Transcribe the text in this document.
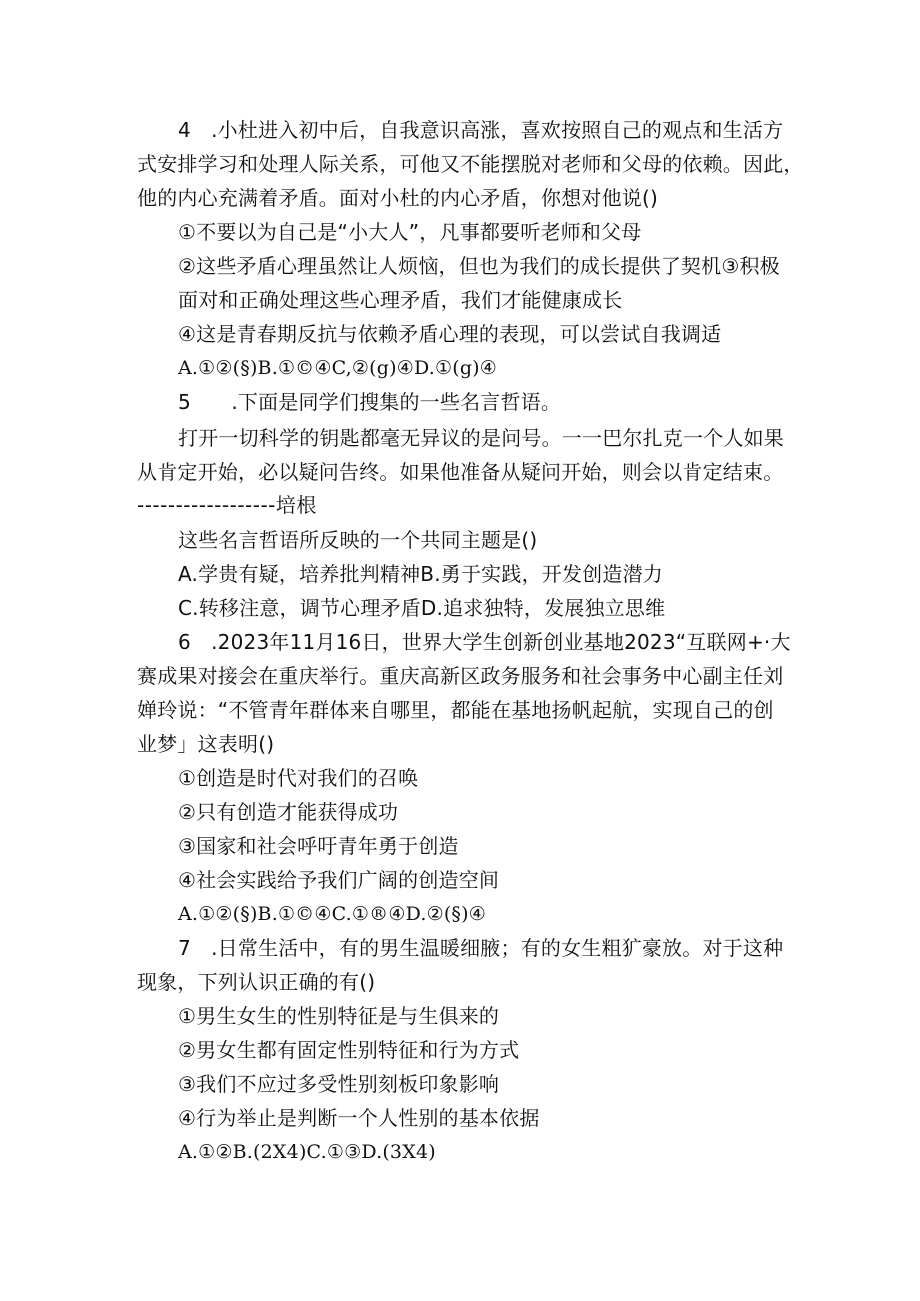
4　.小杜进入初中后，自我意识高涨，喜欢按照自己的观点和生活方
式安排学习和处理人际关系，可他又不能摆脱对老师和父母的依赖。因此，
他的内心充满着矛盾。面对小杜的内心矛盾，你想对他说()
①不要以为自己是“小大人”，凡事都要听老师和父母
②这些矛盾心理虽然让人烦恼，但也为我们的成长提供了契机③积极
面对和正确处理这些心理矛盾，我们才能健康成长
④这是青春期反抗与依赖矛盾心理的表现，可以尝试自我调适
A.①②(§)B.①©④C,②(g)④D.①(g)④
5　　.下面是同学们搜集的一些名言哲语。
打开一切科学的钥匙都毫无异议的是问号。一一巴尔扎克一个人如果
从肯定开始，必以疑问告终。如果他准备从疑问开始，则会以肯定结束。
------------------培根
这些名言哲语所反映的一个共同主题是()
A.学贵有疑，培养批判精神B.勇于实践，开发创造潜力
C.转移注意，调节心理矛盾D.追求独特，发展独立思维
6　.2023年11月16日，世界大学生创新创业基地2023“互联网+·大
赛成果对接会在重庆举行。重庆高新区政务服务和社会事务中心副主任刘
婵玲说：“不管青年群体来自哪里，都能在基地扬帆起航，实现自己的创
业梦」这表明()
①创造是时代对我们的召唤
②只有创造才能获得成功
③国家和社会呼吁青年勇于创造
④社会实践给予我们广阔的创造空间
A.①②(§)B.①©④C.①®④D.②(§)④
7　.日常生活中，有的男生温暖细腋；有的女生粗犷豪放。对于这种
现象，下列认识正确的有()
①男生女生的性别特征是与生俱来的
②男女生都有固定性别特征和行为方式
③我们不应过多受性别刻板印象影响
④行为举止是判断一个人性别的基本依据
A.①②B.(2X4)C.①③D.(3X4)
